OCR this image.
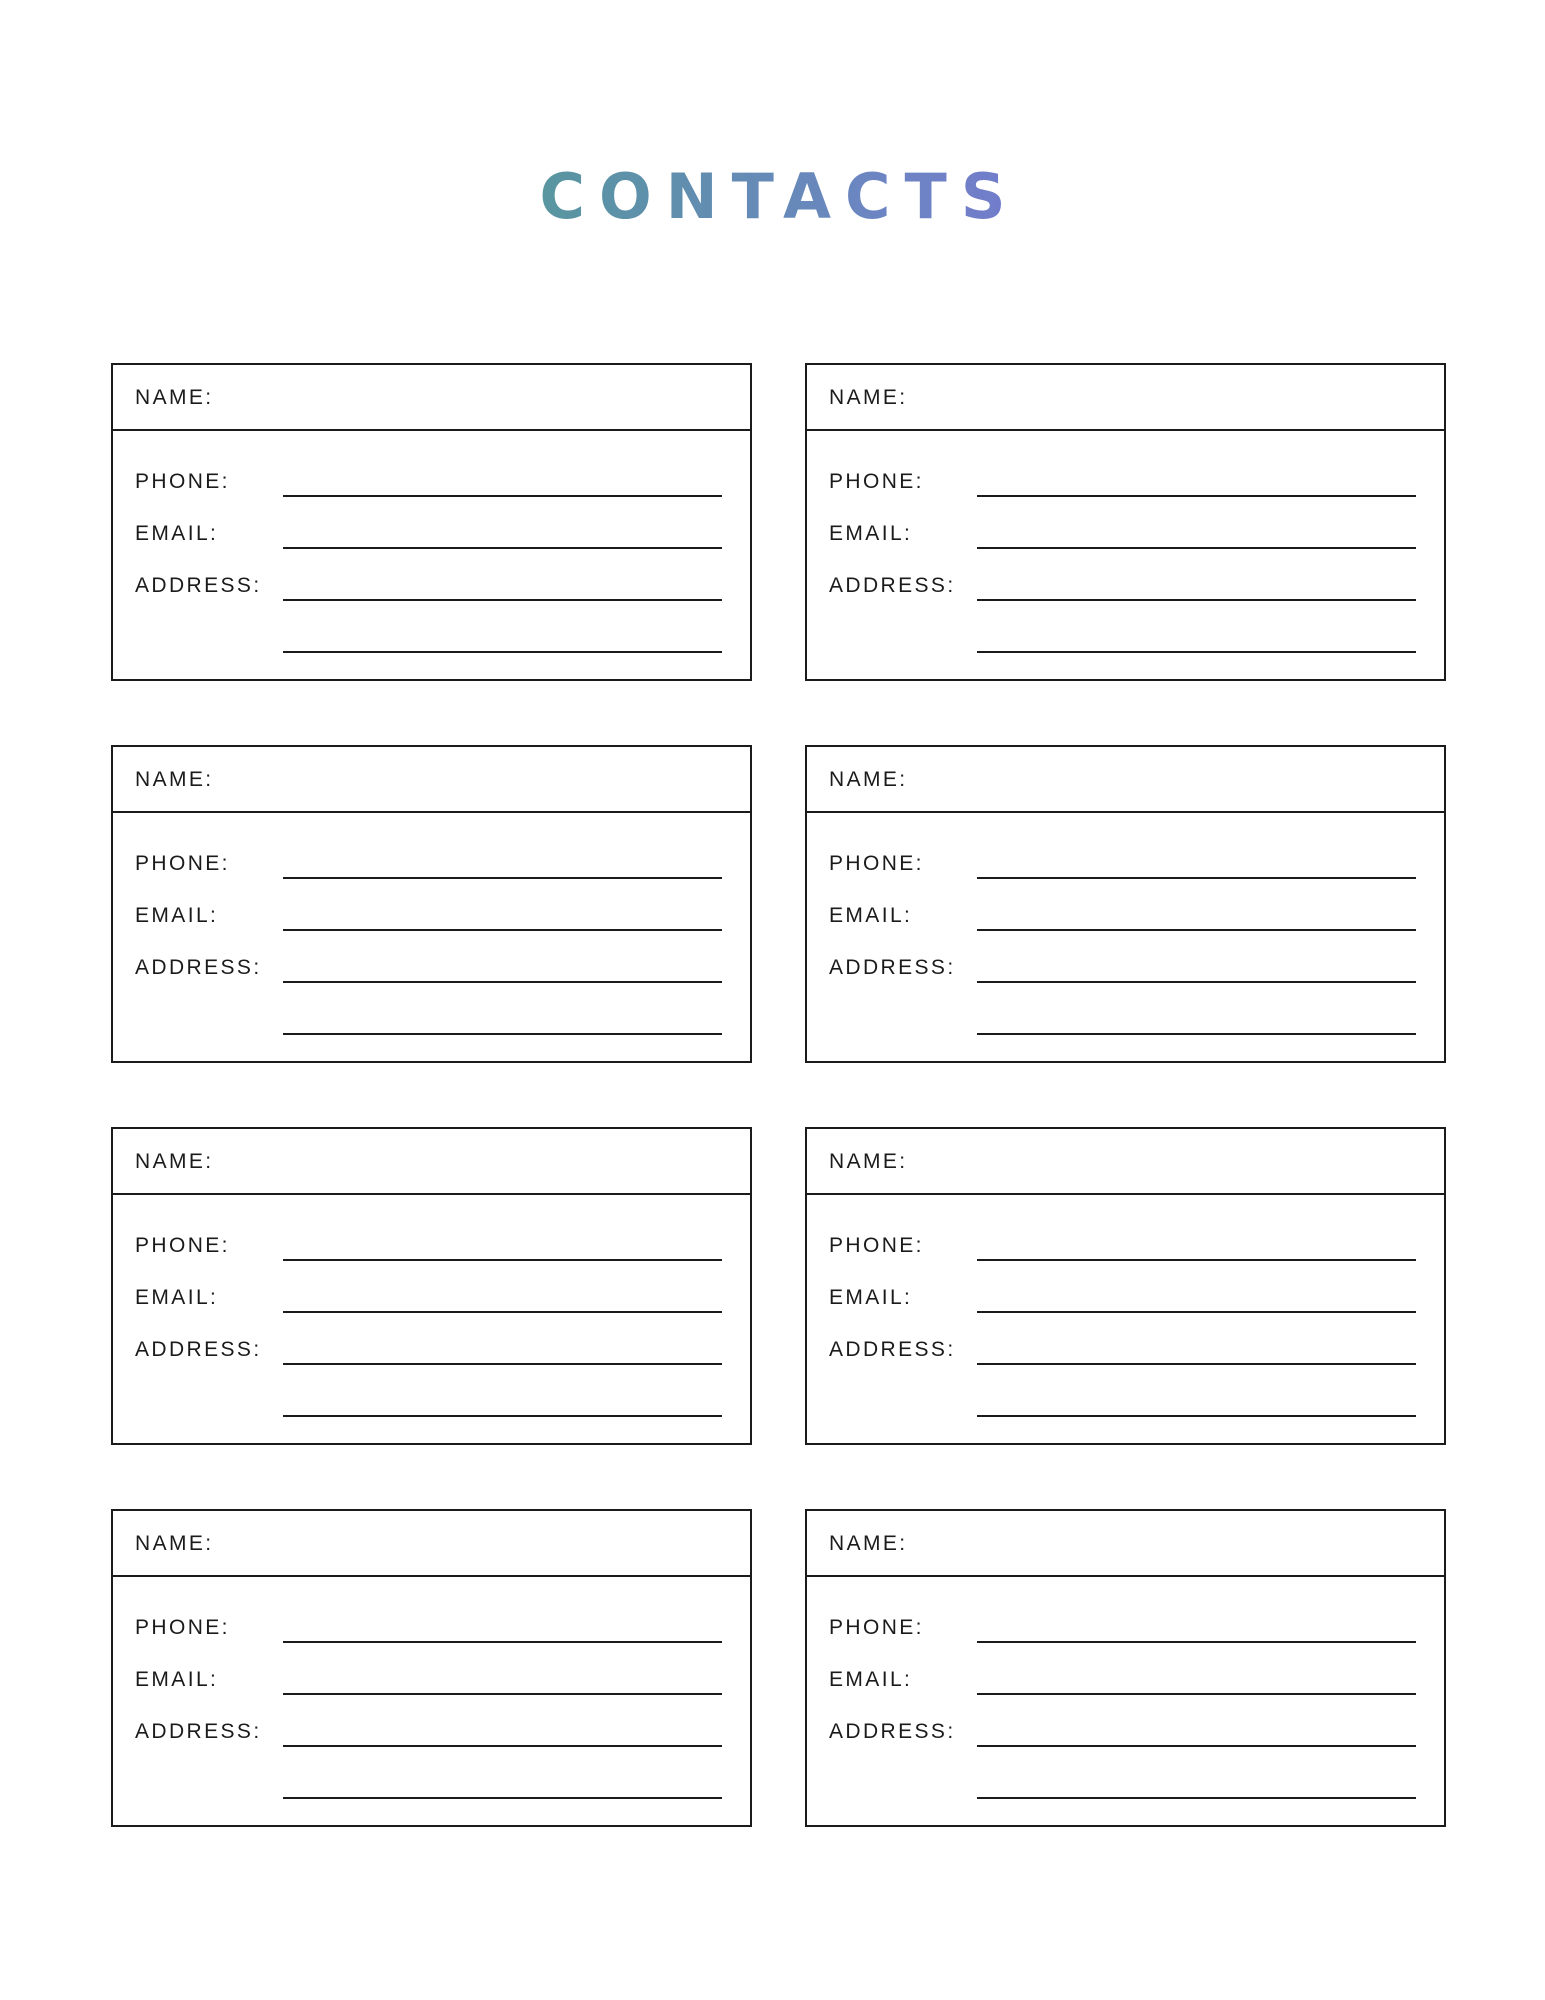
CONTACTS
NAME:
PHONE:
EMAIL:
ADDRESS:
NAME:
PHONE:
EMAIL:
ADDRESS:
NAME:
PHONE:
EMAIL:
ADDRESS:
NAME:
PHONE:
EMAIL:
ADDRESS:
NAME:
PHONE:
EMAIL:
ADDRESS:
NAME:
PHONE:
EMAIL:
ADDRESS:
NAME:
PHONE:
EMAIL:
ADDRESS:
NAME:
PHONE:
EMAIL:
ADDRESS:
